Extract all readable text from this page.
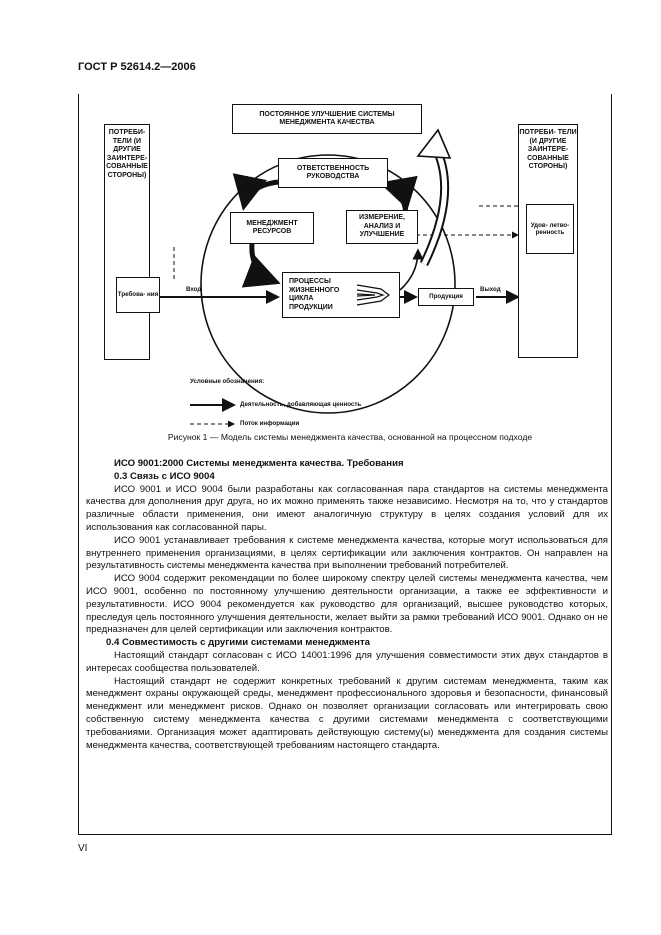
ГОСТ Р 52614.2—2006
ПОСТОЯННОЕ УЛУЧШЕНИЕ СИСТЕМЫ МЕНЕДЖМЕНТА КАЧЕСТВА
ПОТРЕБИ- ТЕЛИ (И ДРУГИЕ ЗАИНТЕРЕ- СОВАННЫЕ СТОРОНЫ)
Требова- ния
ПОТРЕБИ- ТЕЛИ (И ДРУГИЕ ЗАИНТЕРЕ- СОВАННЫЕ СТОРОНЫ)
Удов- летво- ренность
ОТВЕТСТВЕННОСТЬ РУКОВОДСТВА
МЕНЕДЖМЕНТ РЕСУРСОВ
ИЗМЕРЕНИЕ, АНАЛИЗ И УЛУЧШЕНИЕ
ПРОЦЕССЫ ЖИЗНЕННОГО ЦИКЛА ПРОДУКЦИИ
Продукция
Вход	Выход
Условные обозначения:
Деятельность, добавляющая ценность
Поток информации
Рисунок 1 — Модель системы менеджмента качества, основанной на процессном подходе

ИСО 9001:2000 Системы менеджмента качества. Требования

0.3 Связь с ИСО 9004

ИСО 9001 и ИСО 9004 были разработаны как согласованная пара стандартов на системы менеджмента качества для дополнения друг друга, но их можно применять также независимо. Несмотря на то, что у стандартов различные области применения, они имеют аналогичную структуру в целях создания условий для их использования как согласованной пары.

ИСО 9001 устанавливает требования к системе менеджмента качества, которые могут использоваться для внутреннего применения организациями, в целях сертификации или заключения контрактов. Он направлен на результативность системы менеджмента качества при выполнении требований потребителей.

ИСО 9004 содержит рекомендации по более широкому спектру целей системы менеджмента качества, чем ИСО 9001, особенно по постоянному улучшению деятельности организации, а также ее эффективности и результативности. ИСО 9004 рекомендуется как руководство для организаций, высшее руководство которых, преследуя цель постоянного улучшения деятельности, желает выйти за рамки требований ИСО 9001. Однако он не предназначен для целей сертификации или заключения контрактов.

0.4 Совместимость с другими системами менеджмента

Настоящий стандарт согласован с ИСО 14001:1996 для улучшения совместимости этих двух стандартов в интересах сообщества пользователей.

Настоящий стандарт не содержит конкретных требований к другим системам менеджмента, таким как менеджмент охраны окружающей среды, менеджмент профессионального здоровья и безопасности, финансовый менеджмент или менеджмент рисков. Однако он позволяет организации согласовать или интегрировать свою собственную систему менеджмента качества с другими системами менеджмента с соответствующими требованиями. Организация может адаптировать действующую систему(ы) менеджмента для создания системы менеджмента качества, соответствующей требованиям настоящего стандарта.

VI
